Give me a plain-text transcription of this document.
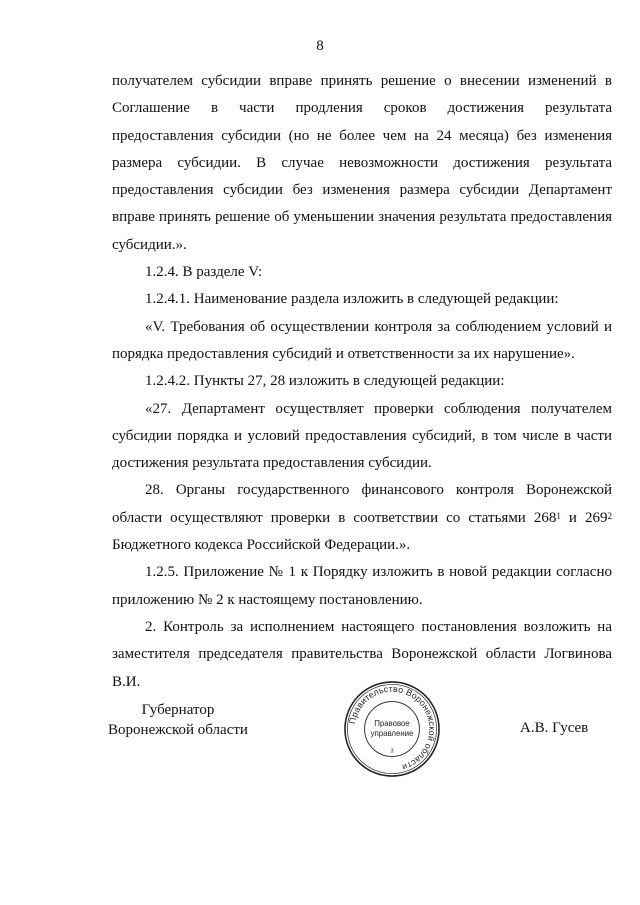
8

получателем субсидии вправе принять решение о внесении изменений в Соглашение в части продления сроков достижения результата предоставления субсидии (но не более чем на 24 месяца) без изменения размера субсидии. В случае невозможности достижения результата предоставления субсидии без изменения размера субсидии Департамент вправе принять решение об уменьшении значения результата предоставления субсидии.».

1.2.4. В разделе V:

1.2.4.1. Наименование раздела изложить в следующей редакции:

«V. Требования об осуществлении контроля за соблюдением условий и порядка предоставления субсидий и ответственности за их нарушение».

1.2.4.2. Пункты 27, 28 изложить в следующей редакции:

«27. Департамент осуществляет проверки соблюдения получателем субсидии порядка и условий предоставления субсидий, в том числе в части достижения результата предоставления субсидии.

28. Органы государственного финансового контроля Воронежской области осуществляют проверки в соответствии со статьями $268^1$ и $269^2$ Бюджетного кодекса Российской Федерации.».

1.2.5. Приложение № 1 к Порядку изложить в новой редакции согласно приложению № 2 к настоящему постановлению.

2. Контроль за исполнением настоящего постановления возложить на заместителя председателя правительства Воронежской области Логвинова В.И.

Губернатор
Воронежской области
Правительство Воронежской области
Правовое
управление
3
А.В. Гусев
